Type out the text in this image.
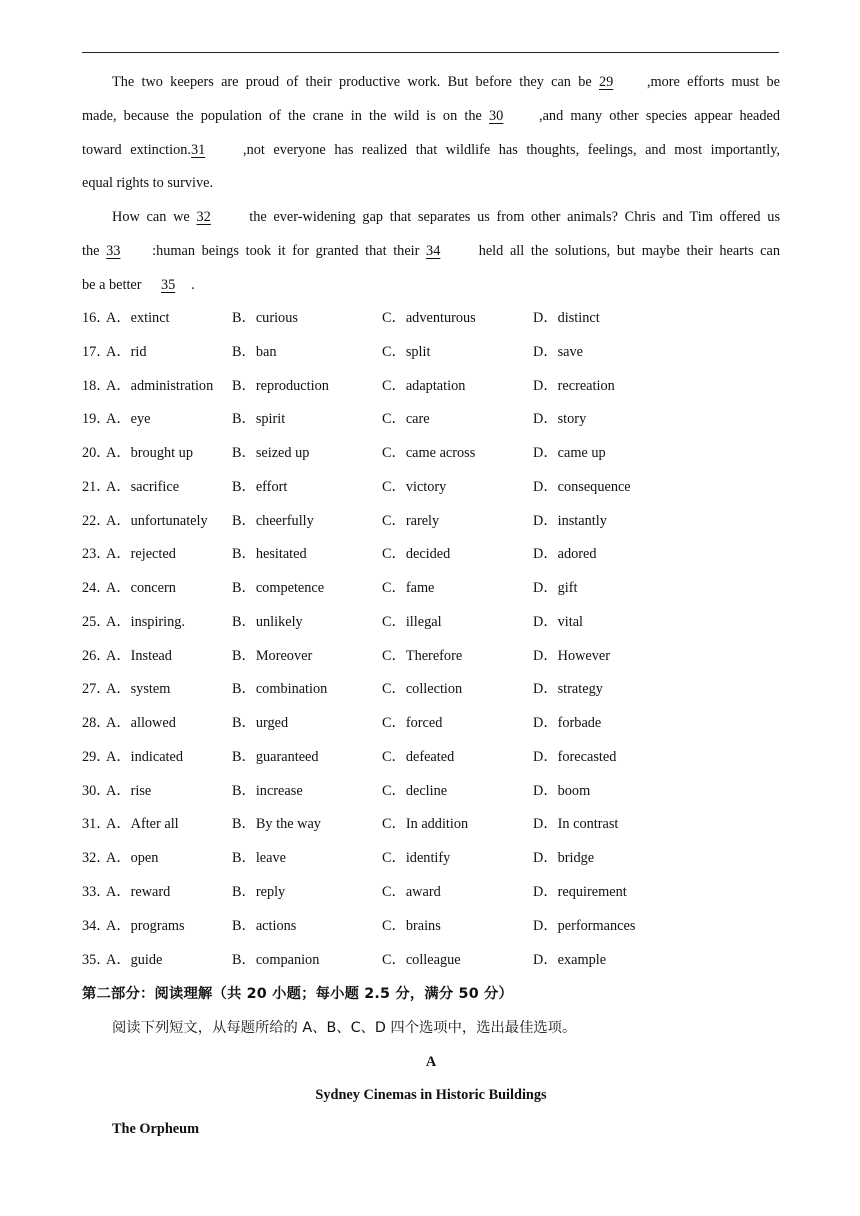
The two keepers are proud of their productive work. But before they can be 29 ,more efforts must be
made, because the population of the crane in the wild is on the 30 ,and many other species appear headed
toward extinction.31	,not everyone has realized that wildlife has thoughts, feelings, and most importantly,
equal rights to survive.
How can we 32 the ever-widening gap that separates us from other animals? Chris and Tim offered us
the 33 :human beings took it for granted that their 34 held all the solutions, but maybe their hearts can
be a better 35 .
16．
A．extinct	B．curious	C．adventurous	D．distinct
17．
A．rid	B．ban	C．split	D．save
18．
A．administration B．reproduction	C．adaptation	D．recreation
19．
A．eye	B．spirit	C．care	D．story
20．
A．brought up	B．seized up	C．came across	D．came up
21．
A．sacrifice	B．effort	C．victory	D．consequence
22．
A．unfortunately B．cheerfully	C．rarely	D．instantly
23．
A．rejected	B．hesitated	C．decided	D．adored
24．
A．concern	B．competence	C．fame	D．gift
25．
A．inspiring.	B．unlikely	C．illegal	D．vital
26．
A．Instead	B．Moreover	C．Therefore	D．However
27．
A．system	B．combination	C．collection	D．strategy
28．
A．allowed	B．urged	C．forced	D．forbade
29．
A．indicated	B．guaranteed	C．defeated	D．forecasted
30．
A．rise	B．increase	C．decline	D．boom
31．
A．After all	B．By the way	C．In addition	D．In contrast
32．
A．open	B．leave	C．identify	D．bridge
33．
A．reward	B．reply	C．award	D．requirement
34．
A．programs	B．actions	C．brains	D．performances
35．
A．guide	B．companion	C．colleague	D．example
第二部分：阅读理解（共 20 小题；每小题 2.5 分，满分 50 分）
阅读下列短文，从每题所给的 A、B、C、D 四个选项中，选出最佳选项。
A
Sydney Cinemas in Historic Buildings
The Orpheum
